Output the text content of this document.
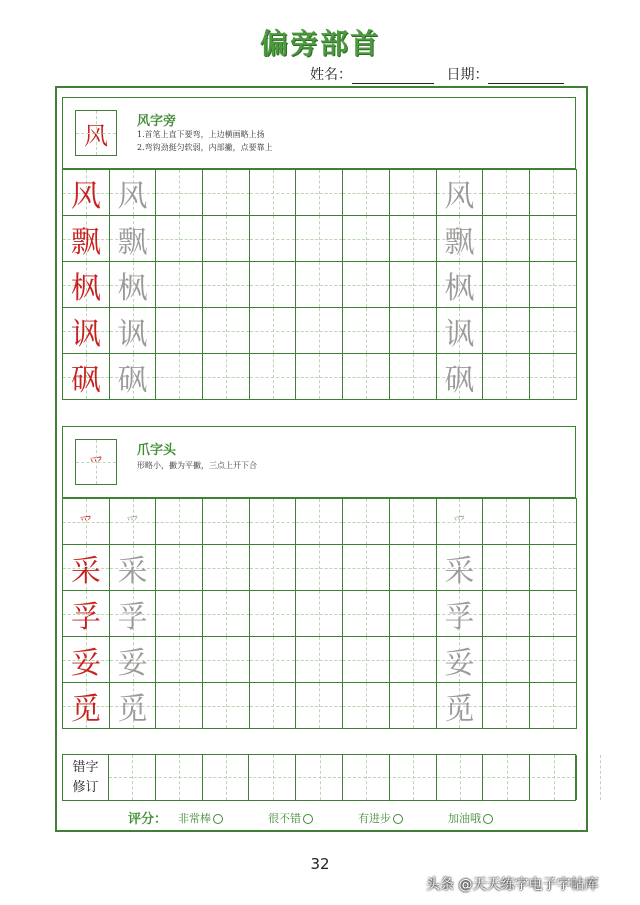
偏旁部首
姓名：	日期：
风 风字旁
1.首笔上直下要弯，上边横画略上扬
2.弯钩劲挺匀软弱，内部撇，点要靠上
风 风	风
飘 飘	飘
枫 枫	枫
讽 讽	讽
砜 砜	砜
爫
爪字头
形略小，撇为平撇，三点上开下合
爫	爫	爫
采 采	采
孚 孚	孚
妥 妥	妥
觅 觅	觅
错字修订
评分： 非常棒	很不错	有进步	加油哦
32
头条 @天天练字电子字帖库
